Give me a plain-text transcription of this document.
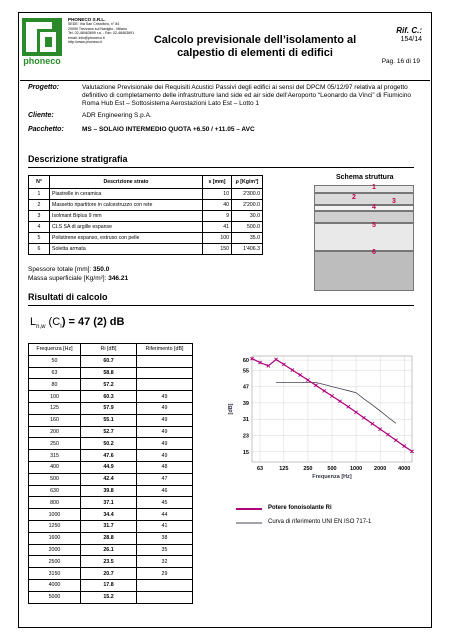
phoneco
PHONECO S.R.L.
SEDE: Via San Cristoforo, n° 84
20090 Trezzano sul Naviglio - Milano
Tel. 02-48463699 r.a. - Fax: 02-48463691
email: info@phoneco.it
http://www.phoneco.it	Calcolo previsionale dell’isolamento al
calpestio di elementi di edifici
Rif. C.:
154/14
Pag. 16 di 19
Progetto:	Valutazione Previsionale dei Requisiti Acustici Passivi degli edifici ai sensi del DPCM 05/12/97 relativa al progetto definitivo di completamento delle infrastrutture land side ed air side dell’Aeroporto “Leonardo da Vinci” di Fiumicino Roma Hub Est – Sottosistema Aerostazioni Lato Est – Lotto 1
Cliente:	ADR Engineering S.p.A.
Pacchetto:	MS – SOLAIO INTERMEDIO QUOTA +6.50 / +11.05 – AVC
Descrizione stratigrafia
N°	Descrizione strato	s [mm]	ρ [Kg/m³]
1	Piastrelle in ceramica	10	2'300.0
2	Massetto ripartitore in calcestruzzo con rete	40	2'200.0
3	Isolmant Biplus 9 mm	9	30.0
4	CLS SA di argille espanse	41	500.0
5	Polistirene espanso, estruso con pelle	100	35.0
6	Soletta armata	150	1'406.3
Schema struttura
1
2
3
4
5
6
Spessore totale [mm]: 350.0
Massa superficiale [Kg/m²]: 346.21
Risultati di calcolo
$L_{n,w}$ $(C_I) = 47$ (2) dB
Frequenza [Hz]	Ri [dB]	Riferimento [dB]
50	60.7	
63	58.8	
80	57.2	
100	60.3	49
125	57.9	49
160	55.1	49
200	52.7	49
250	50.2	49
315	47.6	49
400	44.9	48
500	42.4	47
630	39.8	46
800	37.1	45
1000	34.4	44
1250	31.7	41
1600	28.8	38
2000	26.1	35
2500	23.5	32
3150	20.7	29
4000	17.8	
5000	15.2	
15
23
31
39
47
55
60
63	125	250	500 1000 2000 4000
Frequenza [Hz]
[dB]
Potere fonoisolante Ri
Curva di riferimento UNI EN ISO 717-1
